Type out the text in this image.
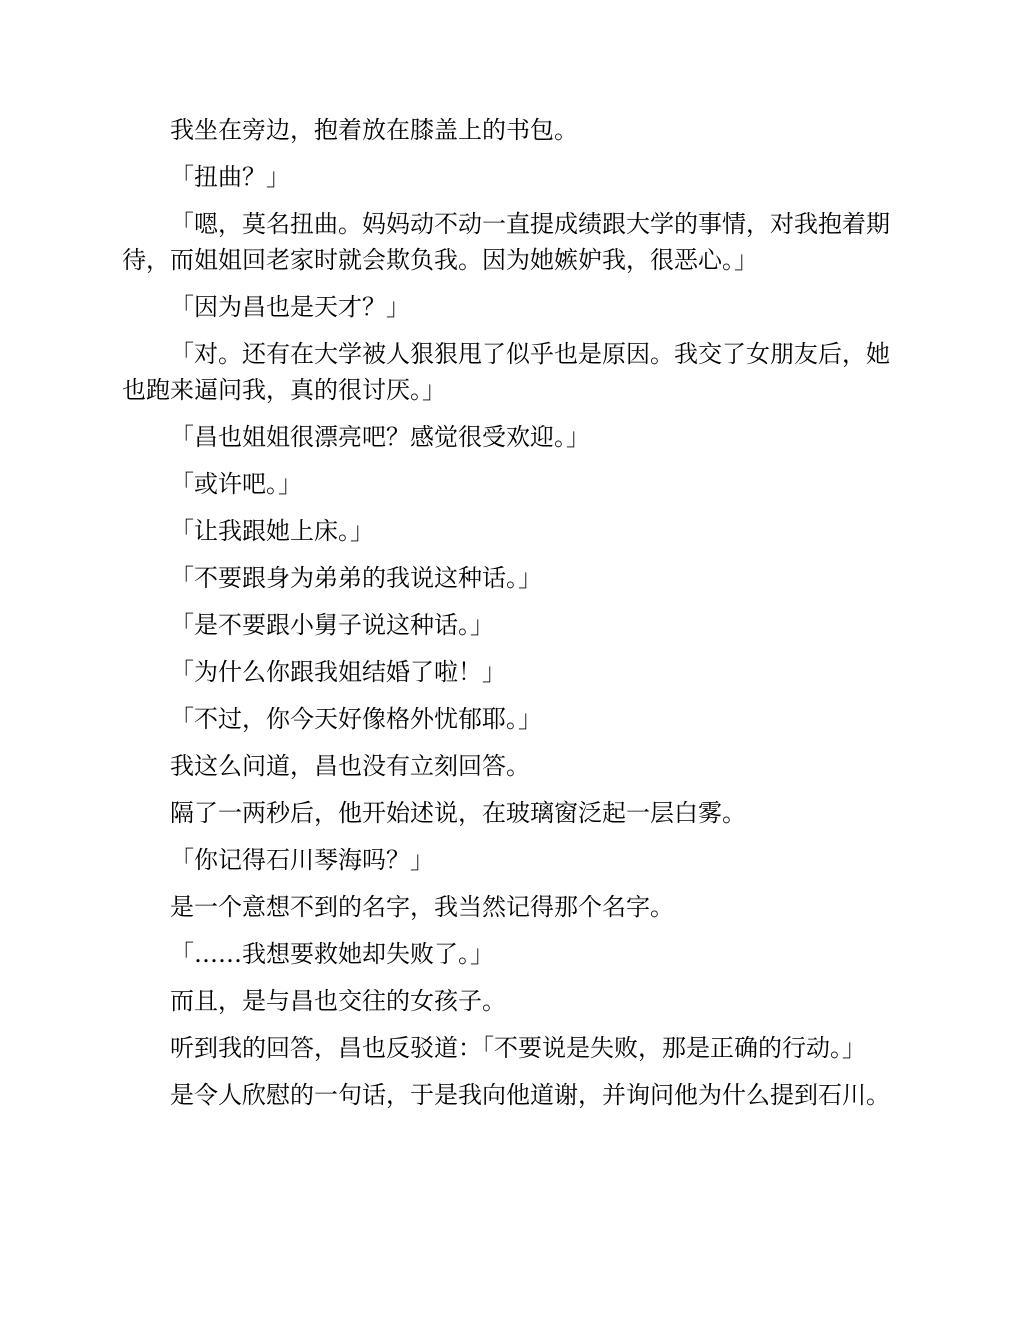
我坐在旁边，抱着放在膝盖上的书包。

「扭曲？」

「嗯，莫名扭曲。妈妈动不动一直提成绩跟大学的事情，对我抱着期待，而姐姐回老家时就会欺负我。因为她嫉妒我，很恶心。」

「因为昌也是天才？」

「对。还有在大学被人狠狠甩了似乎也是原因。我交了女朋友后，她也跑来逼问我，真的很讨厌。」

「昌也姐姐很漂亮吧？感觉很受欢迎。」

「或许吧。」

「让我跟她上床。」

「不要跟身为弟弟的我说这种话。」

「是不要跟小舅子说这种话。」

「为什么你跟我姐结婚了啦！」

「不过，你今天好像格外忧郁耶。」

我这么问道，昌也没有立刻回答。

隔了一两秒后，他开始述说，在玻璃窗泛起一层白雾。

「你记得石川琴海吗？」

是一个意想不到的名字，我当然记得那个名字。

「……我想要救她却失败了。」

而且，是与昌也交往的女孩子。

听到我的回答，昌也反驳道：「不要说是失败，那是正确的行动。」

是令人欣慰的一句话，于是我向他道谢，并询问他为什么提到石川。
